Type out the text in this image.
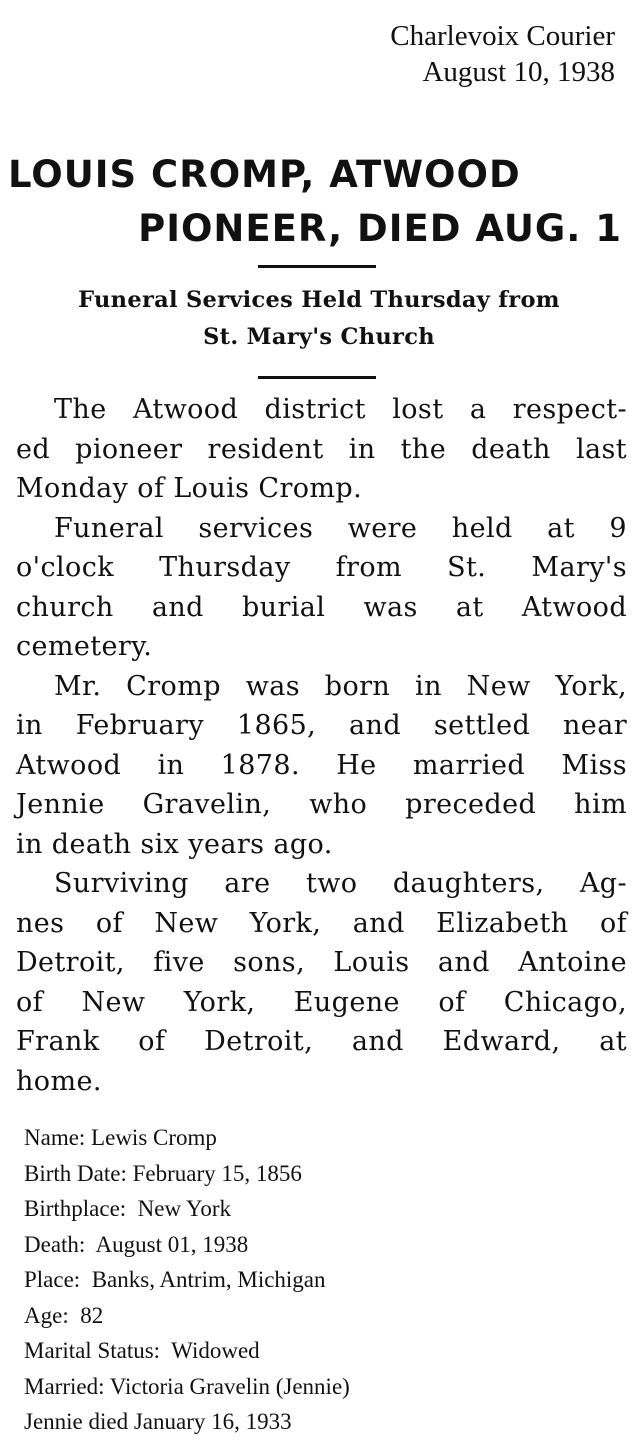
Charlevoix Courier
August 10, 1938
LOUIS CROMP, ATWOOD
PIONEER, DIED AUG. 1
Funeral Services Held Thursday from
St. Mary's Church
The Atwood district lost a respect-
ed pioneer resident in the death last
Monday of Louis Cromp.
Funeral services were held at 9
o'clock Thursday from St. Mary's
church and burial was at Atwood
cemetery.
Mr. Cromp was born in New York,
in February 1865, and settled near
Atwood in 1878. He married Miss
Jennie Gravelin, who preceded him
in death six years ago.
Surviving are two daughters, Ag-
nes of New York, and Elizabeth of
Detroit, five sons, Louis and Antoine
of New York, Eugene of Chicago,
Frank of Detroit, and Edward, at
home.
Name: Lewis Cromp
Birth Date: February 15, 1856
Birthplace:  New York
Death:  August 01, 1938
Place:  Banks, Antrim, Michigan
Age:  82
Marital Status:  Widowed
Married: Victoria Gravelin (Jennie)
Jennie died January 16, 1933
